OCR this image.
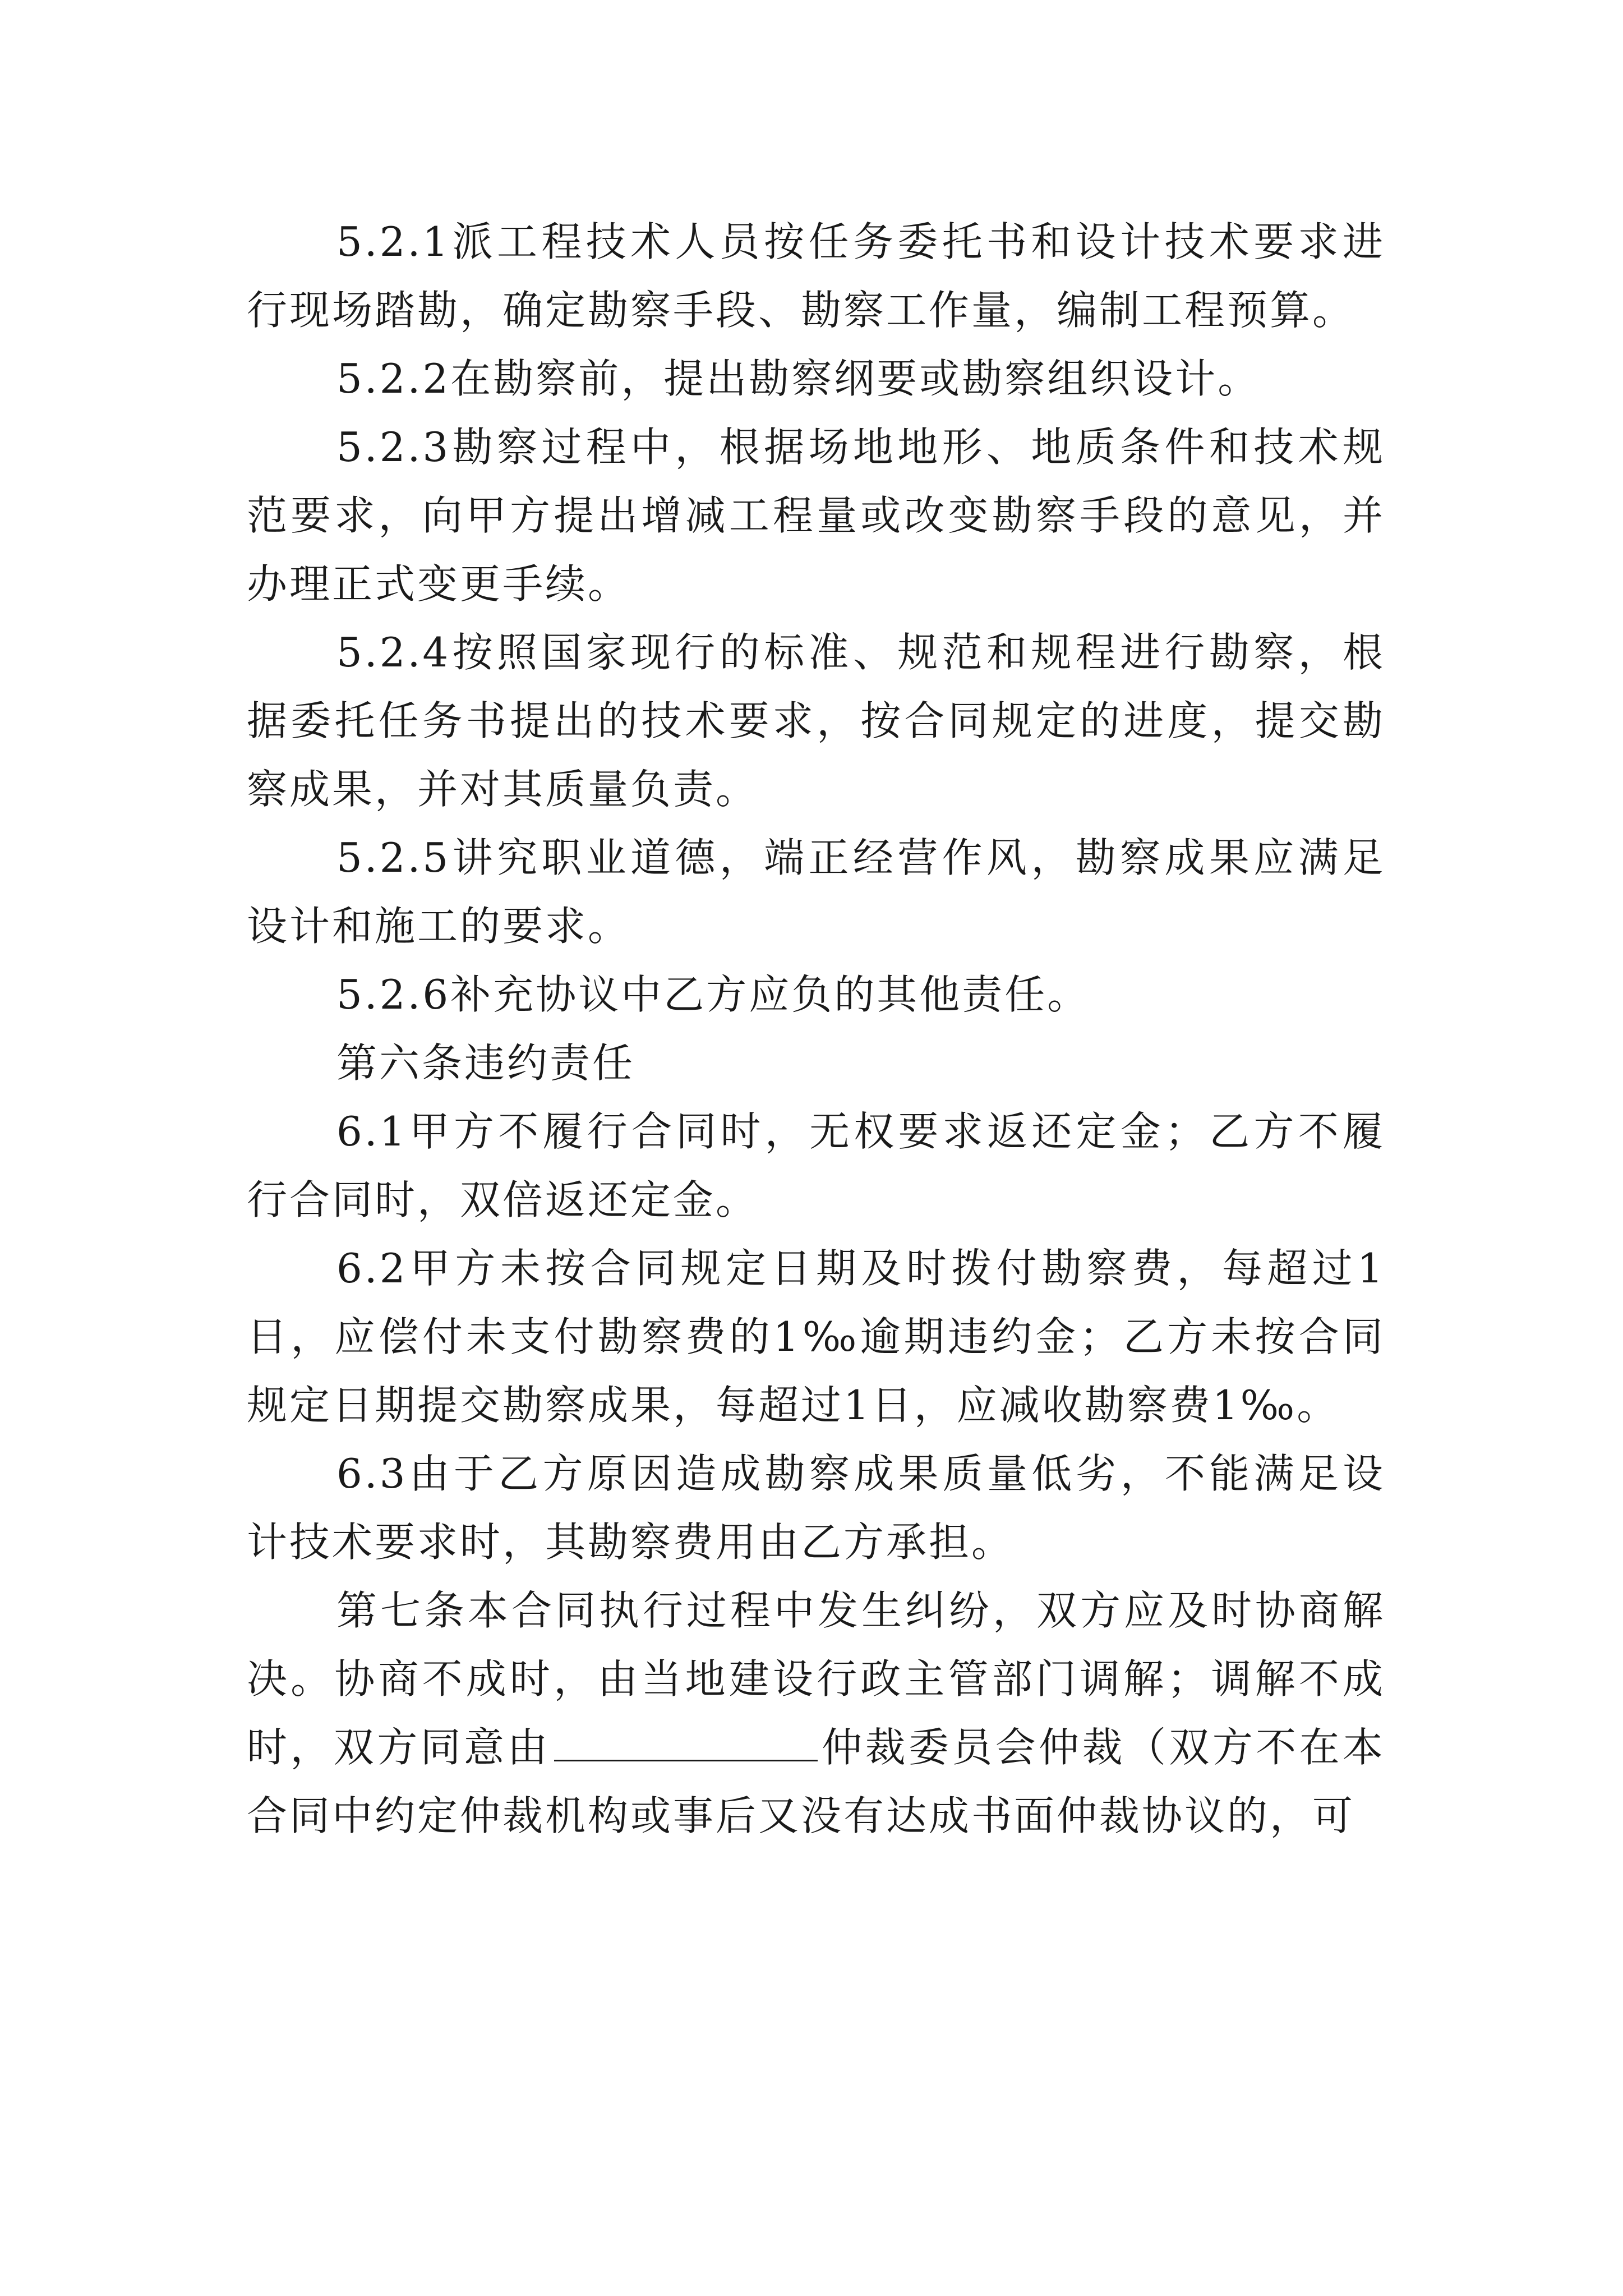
5.2.1派工程技术人员按任务委托书和设计技术要求进行现场踏勘，确定勘察手段、勘察工作量，编制工程预算。

5.2.2在勘察前，提出勘察纲要或勘察组织设计。

5.2.3勘察过程中，根据场地地形、地质条件和技术规范要求，向甲方提出增减工程量或改变勘察手段的意见，并办理正式变更手续。

5.2.4按照国家现行的标准、规范和规程进行勘察，根据委托任务书提出的技术要求，按合同规定的进度，提交勘察成果，并对其质量负责。

5.2.5讲究职业道德，端正经营作风，勘察成果应满足设计和施工的要求。

5.2.6补充协议中乙方应负的其他责任。

第六条违约责任

6.1甲方不履行合同时，无权要求返还定金；乙方不履行合同时，双倍返还定金。

6.2甲方未按合同规定日期及时拨付勘察费，每超过1日，应偿付未支付勘察费的1‰逾期违约金；乙方未按合同规定日期提交勘察成果，每超过1日，应减收勘察费1‰。

6.3由于乙方原因造成勘察成果质量低劣，不能满足设计技术要求时，其勘察费用由乙方承担。

第七条本合同执行过程中发生纠纷，双方应及时协商解决。协商不成时，由当地建设行政主管部门调解；调解不成时，双方同意由	仲裁委员会仲裁（双方不在本合同中约定仲裁机构或事后又没有达成书面仲裁协议的，可
